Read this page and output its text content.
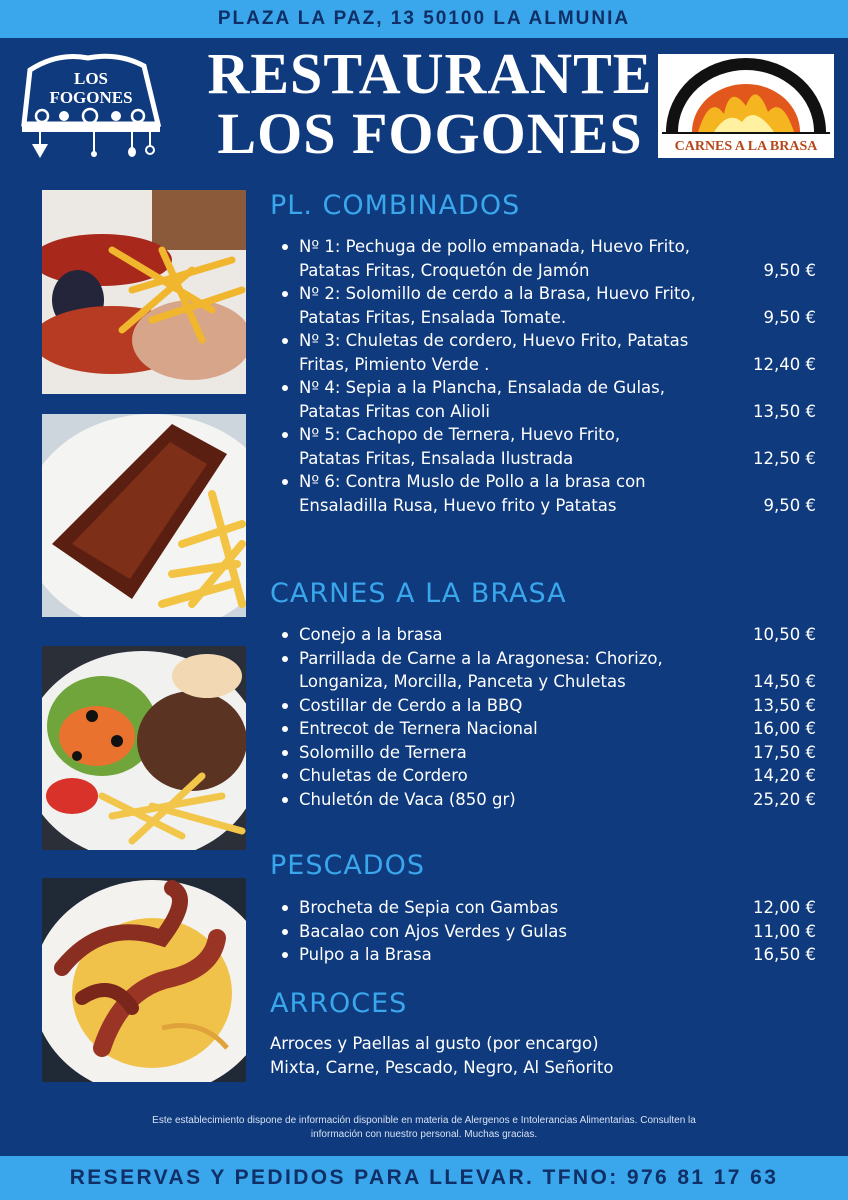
PLAZA LA PAZ, 13 50100 LA ALMUNIA
LOS
FOGONES	RESTAURANTE
LOS FOGONES	CARNES A LA BRASA
PL. COMBINADOS
Nº 1: Pechuga de pollo empanada, Huevo Frito,
Patatas Fritas, Croquetón de Jamón	9,50 €
Nº 2: Solomillo de cerdo a la Brasa, Huevo Frito,
Patatas Fritas, Ensalada Tomate.	9,50 €
Nº 3: Chuletas de cordero, Huevo Frito, Patatas
Fritas, Pimiento Verde .	12,40 €
Nº 4: Sepia a la Plancha, Ensalada de Gulas,
Patatas Fritas con Alioli	13,50 €
Nº 5: Cachopo de Ternera, Huevo Frito,
Patatas Fritas, Ensalada Ilustrada	12,50 €
Nº 6: Contra Muslo de Pollo a la brasa con
Ensaladilla Rusa, Huevo frito y Patatas	9,50 €
CARNES A LA BRASA
Conejo a la brasa	10,50 €
Parrillada de Carne a la Aragonesa: Chorizo,
Longaniza, Morcilla, Panceta y Chuletas	14,50 €
Costillar de Cerdo a la BBQ	13,50 €
Entrecot de Ternera Nacional	16,00 €
Solomillo de Ternera	17,50 €
Chuletas de Cordero	14,20 €
Chuletón de Vaca (850 gr)	25,20 €
PESCADOS
Brocheta de Sepia con Gambas	12,00 €
Bacalao con Ajos Verdes y Gulas	11,00 €
Pulpo a la Brasa	16,50 €
ARROCES
Arroces y Paellas al gusto (por encargo)
Mixta, Carne, Pescado, Negro, Al Señorito
Este establecimiento dispone de información disponible en materia de Alergenos e Intolerancias Alimentarias. Consulten la
información con nuestro personal. Muchas gracias.
RESERVAS Y PEDIDOS PARA LLEVAR. TFNO: 976 81 17 63
